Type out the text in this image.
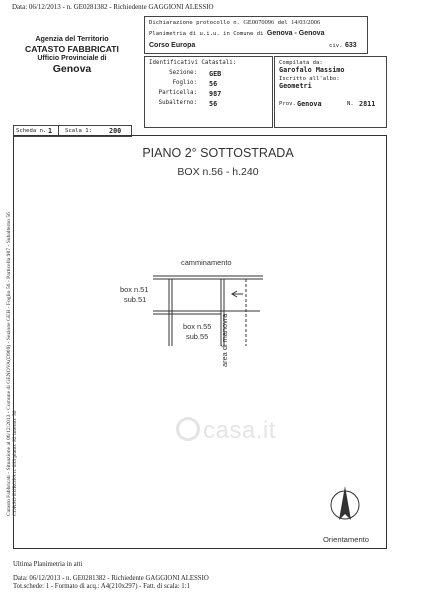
Data: 06/12/2013 - n. GE0281382 - Richiedente GAGGIONI ALESSIO
Agenzia del Territorio
CATASTO FABBRICATI
Ufficio Provinciale di
Genova
Dichiarazione protocollo n. GE0070096 del 14/03/2006
Planimetria di u.i.u. in Comune di Genova - Genova
Corso Europa	civ. 633
Identificativi Catastali:
Sezione: GEB
Foglio: 56
Particella: 987
Subalterno: 56
Compilata da:
Garofalo Massimo
Iscritto all'albo:
Geometri
Prov. Genova	N. 2811
Scheda n. 1 Scala 1:	200
Catasto Fabbricati - Situazione al 06/12/2013 - Comune di GENOVA(D969) - Sezione GEB - Foglio 56 - Particella 987 - Subalterno 56 CORSO EUROPA n. 633 piano: S2 interno: 56
PIANO 2° SOTTOSTRADA
BOX n.56 - h.240
casa.it
camminamento
box n.51
sub.51
box n.55
sub.55 area di manovra
Orientamento
Ultima Planimetria in atti
Data: 06/12/2013 - n. GE0281382 - Richiedente GAGGIONI ALESSIO
Tot.schede: 1 - Formato di acq.: A4(210x297) - Fatt. di scala: 1:1
